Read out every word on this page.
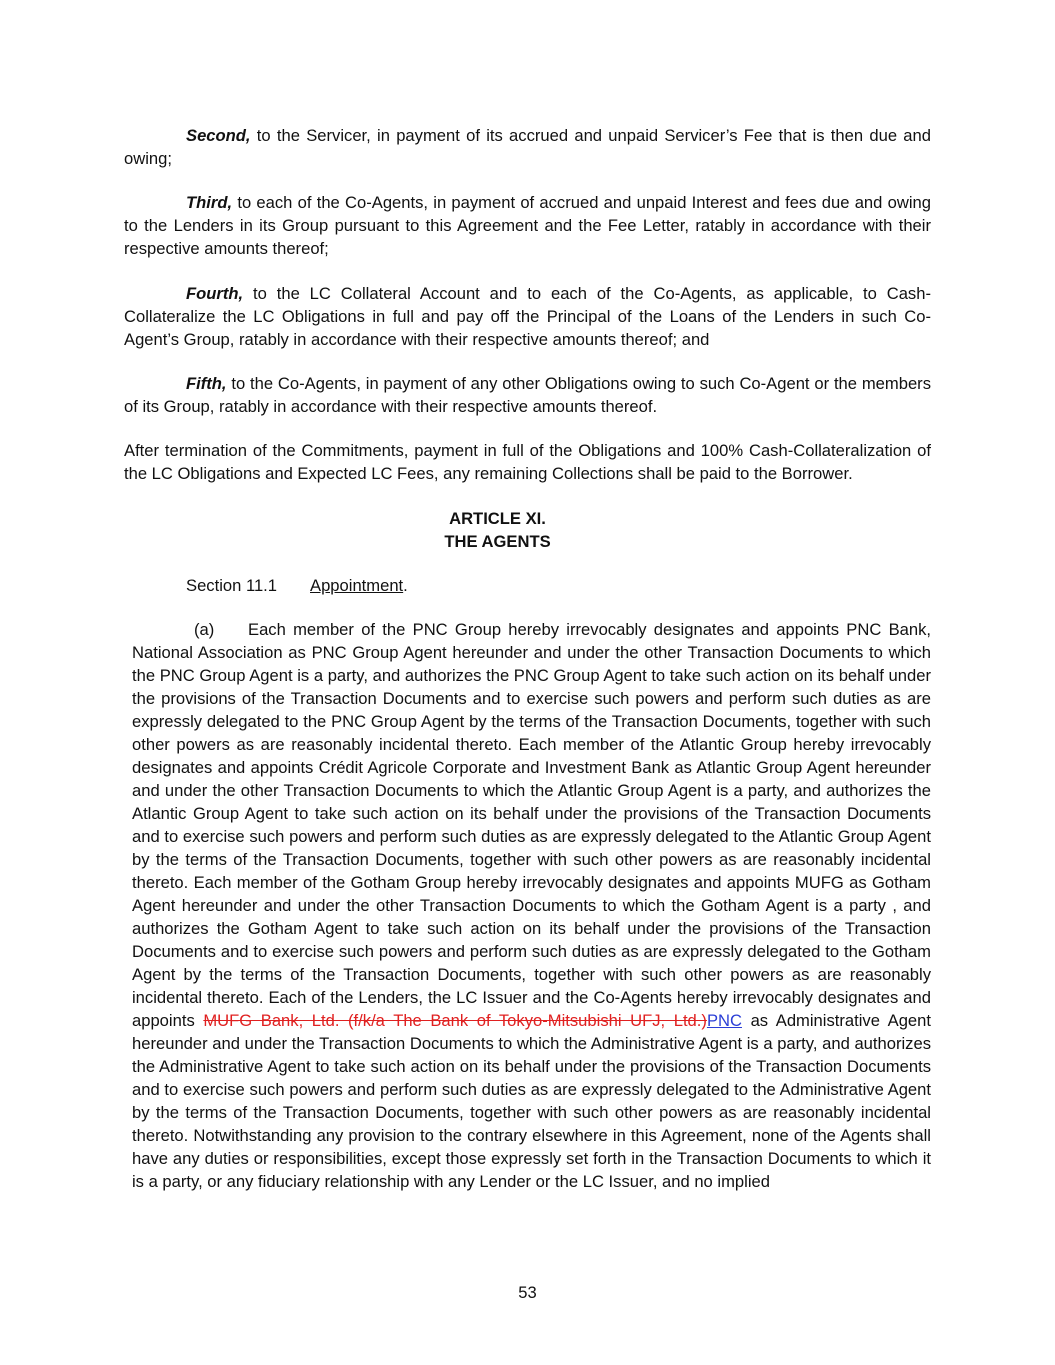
Second, to the Servicer, in payment of its accrued and unpaid Servicer’s Fee that is then due and owing;

Third, to each of the Co-Agents, in payment of accrued and unpaid Interest and fees due and owing to the Lenders in its Group pursuant to this Agreement and the Fee Letter, ratably in accordance with their respective amounts thereof;

Fourth, to the LC Collateral Account and to each of the Co-Agents, as applicable, to Cash-Collateralize the LC Obligations in full and pay off the Principal of the Loans of the Lenders in such Co-Agent’s Group, ratably in accordance with their respective amounts thereof; and

Fifth, to the Co-Agents, in payment of any other Obligations owing to such Co-Agent or the members of its Group, ratably in accordance with their respective amounts thereof.

After termination of the Commitments, payment in full of the Obligations and 100% Cash-Collateralization of the LC Obligations and Expected LC Fees, any remaining Collections shall be paid to the Borrower.

ARTICLE XI.

THE AGENTS

Section 11.1 Appointment.

(a) Each member of the PNC Group hereby irrevocably designates and appoints PNC Bank, National Association as PNC Group Agent hereunder and under the other Transaction Documents to which the PNC Group Agent is a party, and authorizes the PNC Group Agent to take such action on its behalf under the provisions of the Transaction Documents and to exercise such powers and perform such duties as are expressly delegated to the PNC Group Agent by the terms of the Transaction Documents, together with such other powers as are reasonably incidental thereto. Each member of the Atlantic Group hereby irrevocably designates and appoints Crédit Agricole Corporate and Investment Bank as Atlantic Group Agent hereunder and under the other Transaction Documents to which the Atlantic Group Agent is a party, and authorizes the Atlantic Group Agent to take such action on its behalf under the provisions of the Transaction Documents and to exercise such powers and perform such duties as are expressly delegated to the Atlantic Group Agent by the terms of the Transaction Documents, together with such other powers as are reasonably incidental thereto. Each member of the Gotham Group hereby irrevocably designates and appoints MUFG as Gotham Agent hereunder and under the other Transaction Documents to which the Gotham Agent is a party , and authorizes the Gotham Agent to take such action on its behalf under the provisions of the Transaction Documents and to exercise such powers and perform such duties as are expressly delegated to the Gotham Agent by the terms of the Transaction Documents, together with such other powers as are reasonably incidental thereto. Each of the Lenders, the LC Issuer and the Co-Agents hereby irrevocably designates and appoints MUFG Bank, Ltd. (f/k/a The Bank of Tokyo-Mitsubishi UFJ, Ltd.)PNC as Administrative Agent hereunder and under the Transaction Documents to which the Administrative Agent is a party, and authorizes the Administrative Agent to take such action on its behalf under the provisions of the Transaction Documents and to exercise such powers and perform such duties as are expressly delegated to the Administrative Agent by the terms of the Transaction Documents, together with such other powers as are reasonably incidental thereto. Notwithstanding any provision to the contrary elsewhere in this Agreement, none of the Agents shall have any duties or responsibilities, except those expressly set forth in the Transaction Documents to which it is a party, or any fiduciary relationship with any Lender or the LC Issuer, and no implied

53
